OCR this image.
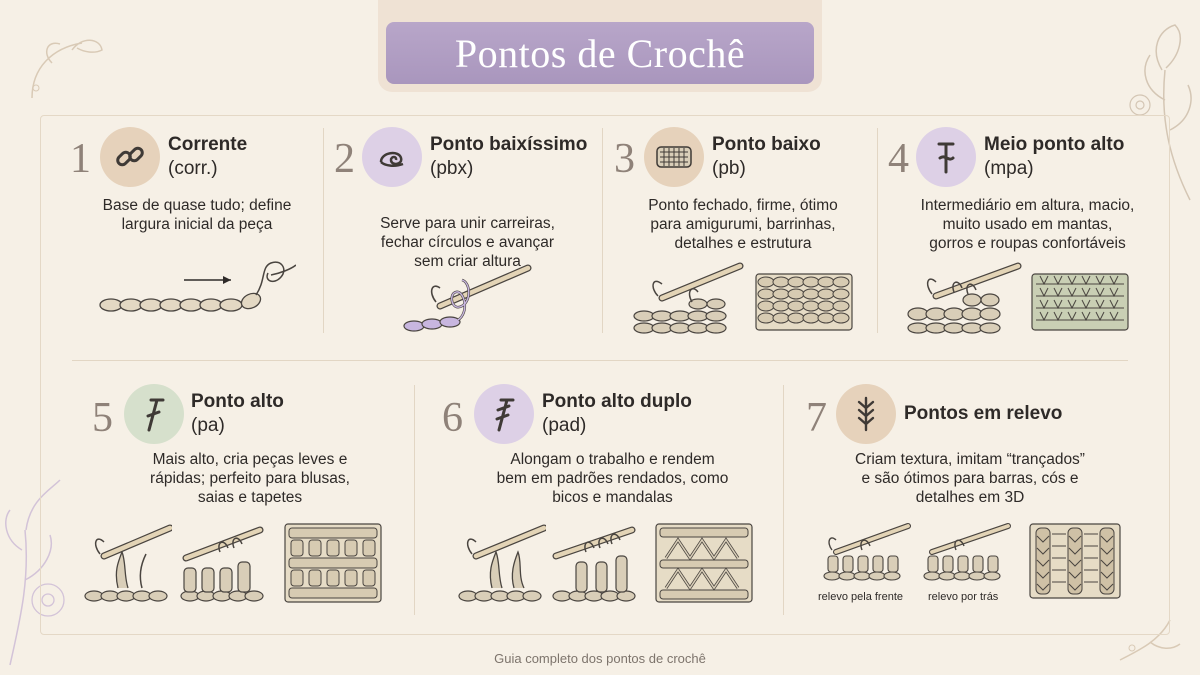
Pontos de Crochê
1	Corrente
(corr.)
Base de quase tudo; define
largura inicial da peça
2	Ponto baixíssimo
(pbx)
Serve para unir carreiras,
fechar círculos e avançar
sem criar altura
3	Ponto baixo
(pb)
Ponto fechado, firme, ótimo
para amigurumi, barrinhas,
detalhes e estrutura
4	Meio ponto alto
(mpa)
Intermediário em altura, macio,
muito usado em mantas,
gorros e roupas confortáveis
5	Ponto alto
(pa)
Mais alto, cria peças leves e
rápidas; perfeito para blusas,
saias e tapetes
6	Ponto alto duplo
(pad)
Alongam o trabalho e rendem
bem em padrões rendados, como
bicos e mandalas
7	Pontos em relevo
Criam textura, imitam “trançados”
e são ótimos para barras, cós e
detalhes em 3D
relevo pela frente relevo por trás
Guia completo dos pontos de crochê
